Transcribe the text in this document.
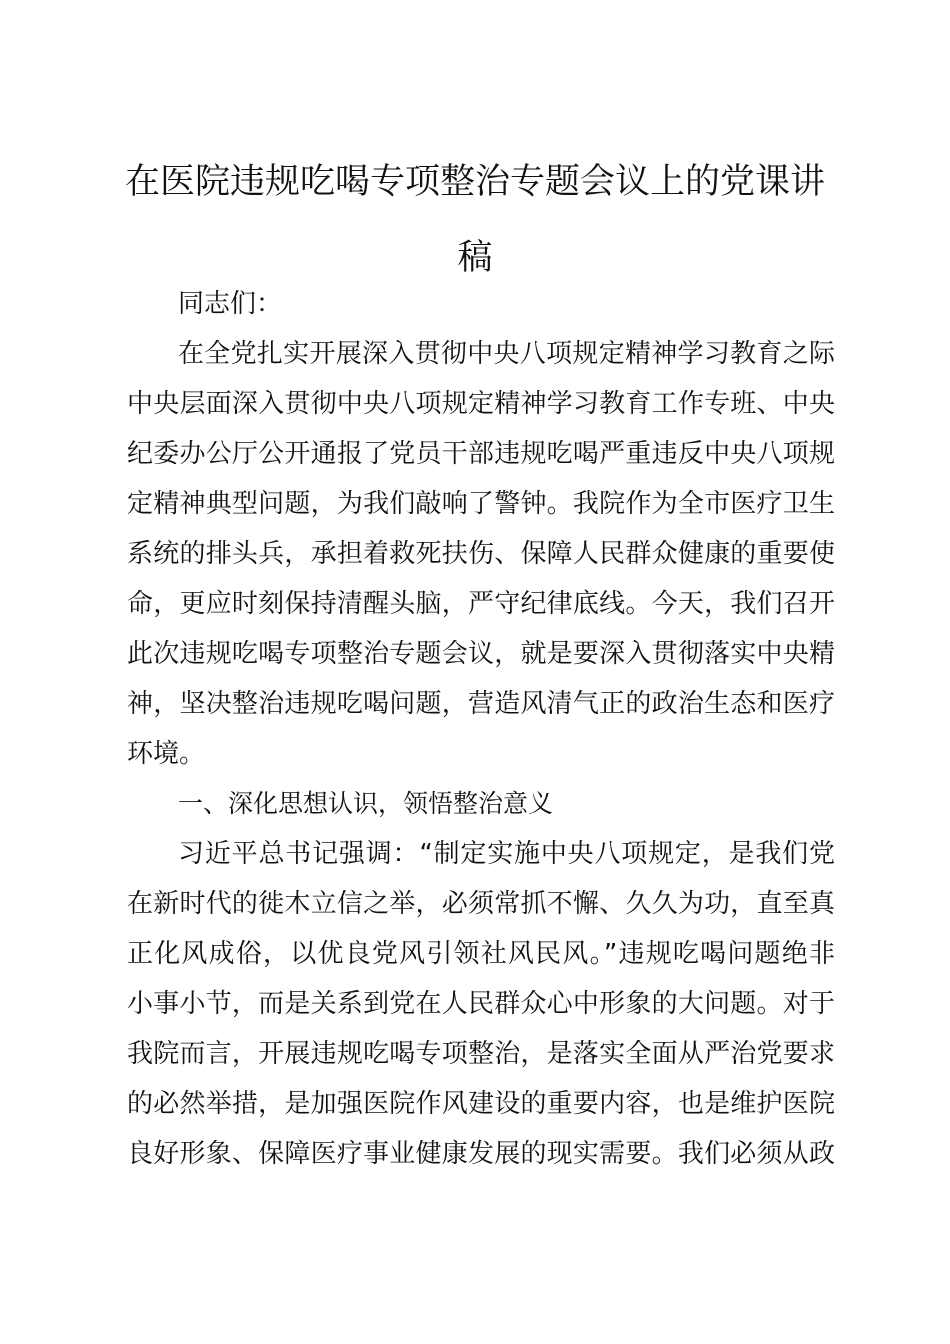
在医院违规吃喝专项整治专题会议上的党课讲
稿

同志们：

在全党扎实开展深入贯彻中央八项规定精神学习教育之际

中央层面深入贯彻中央八项规定精神学习教育工作专班、中央

纪委办公厅公开通报了党员干部违规吃喝严重违反中央八项规

定精神典型问题，为我们敲响了警钟。我院作为全市医疗卫生

系统的排头兵，承担着救死扶伤、保障人民群众健康的重要使

命，更应时刻保持清醒头脑，严守纪律底线。今天，我们召开

此次违规吃喝专项整治专题会议，就是要深入贯彻落实中央精

神，坚决整治违规吃喝问题，营造风清气正的政治生态和医疗

环境。

一、深化思想认识，领悟整治意义

习近平总书记强调：“制定实施中央八项规定，是我们党

在新时代的徙木立信之举，必须常抓不懈、久久为功，直至真

正化风成俗，以优良党风引领社风民风。”违规吃喝问题绝非

小事小节，而是关系到党在人民群众心中形象的大问题。对于

我院而言，开展违规吃喝专项整治，是落实全面从严治党要求

的必然举措，是加强医院作风建设的重要内容，也是维护医院

良好形象、保障医疗事业健康发展的现实需要。我们必须从政
